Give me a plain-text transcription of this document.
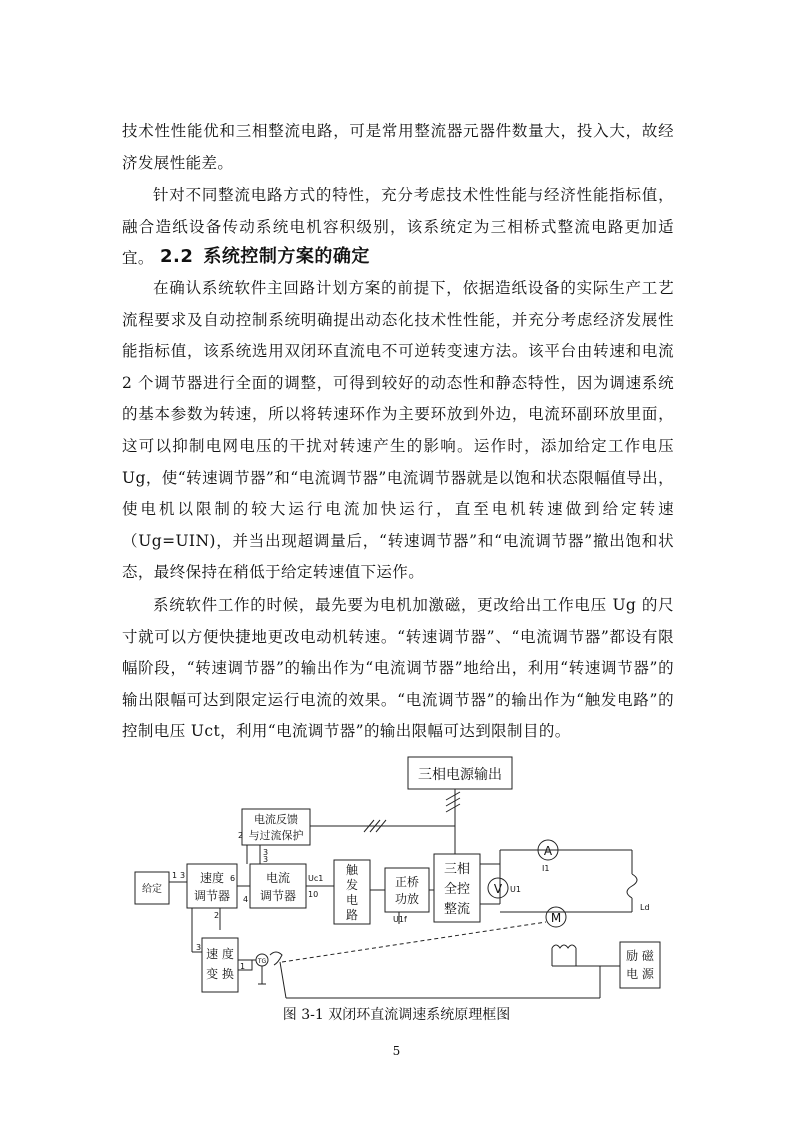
技术性性能优和三相整流电路，可是常用整流器元器件数量大，投入大，故经济发展性能差。

针对不同整流电路方式的特性，充分考虑技术性性能与经济性能指标值，融合造纸设备传动系统电机容积级别，该系统定为三相桥式整流电路更加适宜。 2.2 系统控制方案的确定

在确认系统软件主回路计划方案的前提下，依据造纸设备的实际生产工艺流程要求及自动控制系统明确提出动态化技术性性能，并充分考虑经济发展性能指标值，该系统选用双闭环直流电不可逆转变速方法。该平台由转速和电流 2 个调节器进行全面的调整，可得到较好的动态性和静态特性，因为调速系统的基本参数为转速，所以将转速环作为主要环放到外边，电流环副环放里面，这可以抑制电网电压的干扰对转速产生的影响。运作时，添加给定工作电压 Ug，使“转速调节器”和“电流调节器”电流调节器就是以饱和状态限幅值导出，使电机以限制的较大运行电流加快运行，直至电机转速做到给定转速（Ug=UIN)，并当出现超调量后，“转速调节器”和“电流调节器”撤出饱和状态，最终保持在稍低于给定转速值下运作。

系统软件工作的时候，最先要为电机加激磁，更改给出工作电压 Ug 的尺寸就可以方便快捷地更改电动机转速。“转速调节器”、“电流调节器”都设有限幅阶段，“转速调节器”的输出作为“电流调节器”地给出，利用“转速调节器”的输出限幅可达到限定运行电流的效果。“电流调节器”的输出作为“触发电路”的控制电压 Uct，利用“电流调节器”的输出限幅可达到限制目的。

三相电源输出
电流反馈
与过流保护
给定
速度
调节器
电流
调节器
触
发
电
路
正桥
功放
三相
全控
整流
速 度
变 换
励 磁
电 源
1 3	6
2
2
3
3
4
10
3
1
Uc1
U1f
U1
I1
Ld
A
V
M
TG

图 3-1 双闭环直流调速系统原理框图

5
